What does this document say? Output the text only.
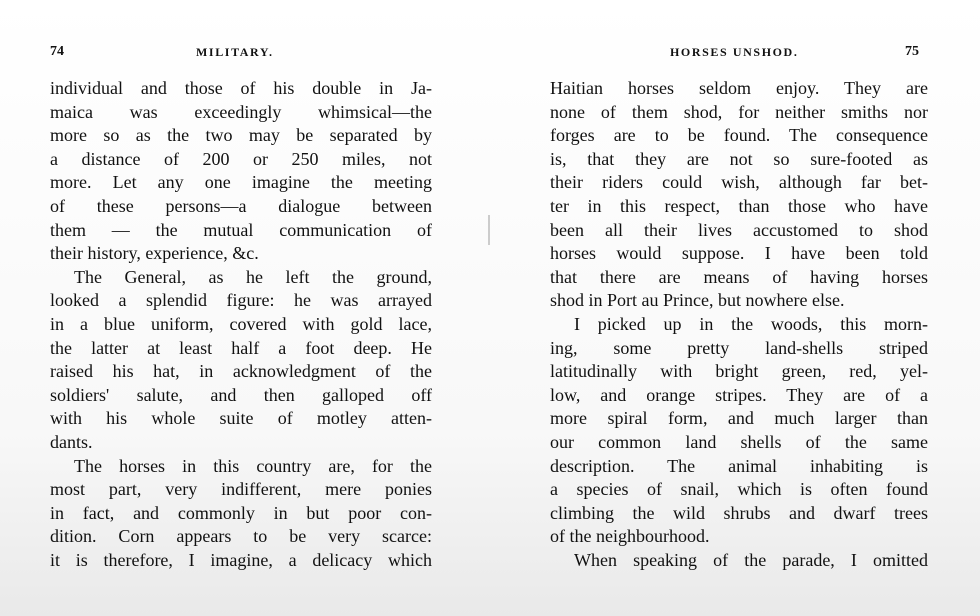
74	MILITARY.
individual and those of his double in Ja-
maica was exceedingly whimsical—the
more so as the two may be separated by
a distance of 200 or 250 miles, not
more. Let any one imagine the meeting
of these persons—a dialogue between
them — the mutual communication of
their history, experience, &c.
The General, as he left the ground,
looked a splendid figure: he was arrayed
in a blue uniform, covered with gold lace,
the latter at least half a foot deep. He
raised his hat, in acknowledgment of the
soldiers' salute, and then galloped off
with his whole suite of motley atten-
dants.
The horses in this country are, for the
most part, very indifferent, mere ponies
in fact, and commonly in but poor con-
dition. Corn appears to be very scarce:
it is therefore, I imagine, a delicacy which
HORSES UNSHOD.	75
Haitian horses seldom enjoy. They are
none of them shod, for neither smiths nor
forges are to be found. The consequence
is, that they are not so sure-footed as
their riders could wish, although far bet-
ter in this respect, than those who have
been all their lives accustomed to shod
horses would suppose. I have been told
that there are means of having horses
shod in Port au Prince, but nowhere else.
I picked up in the woods, this morn-
ing, some pretty land-shells striped
latitudinally with bright green, red, yel-
low, and orange stripes. They are of a
more spiral form, and much larger than
our common land shells of the same
description. The animal inhabiting is
a species of snail, which is often found
climbing the wild shrubs and dwarf trees
of the neighbourhood.
When speaking of the parade, I omitted
